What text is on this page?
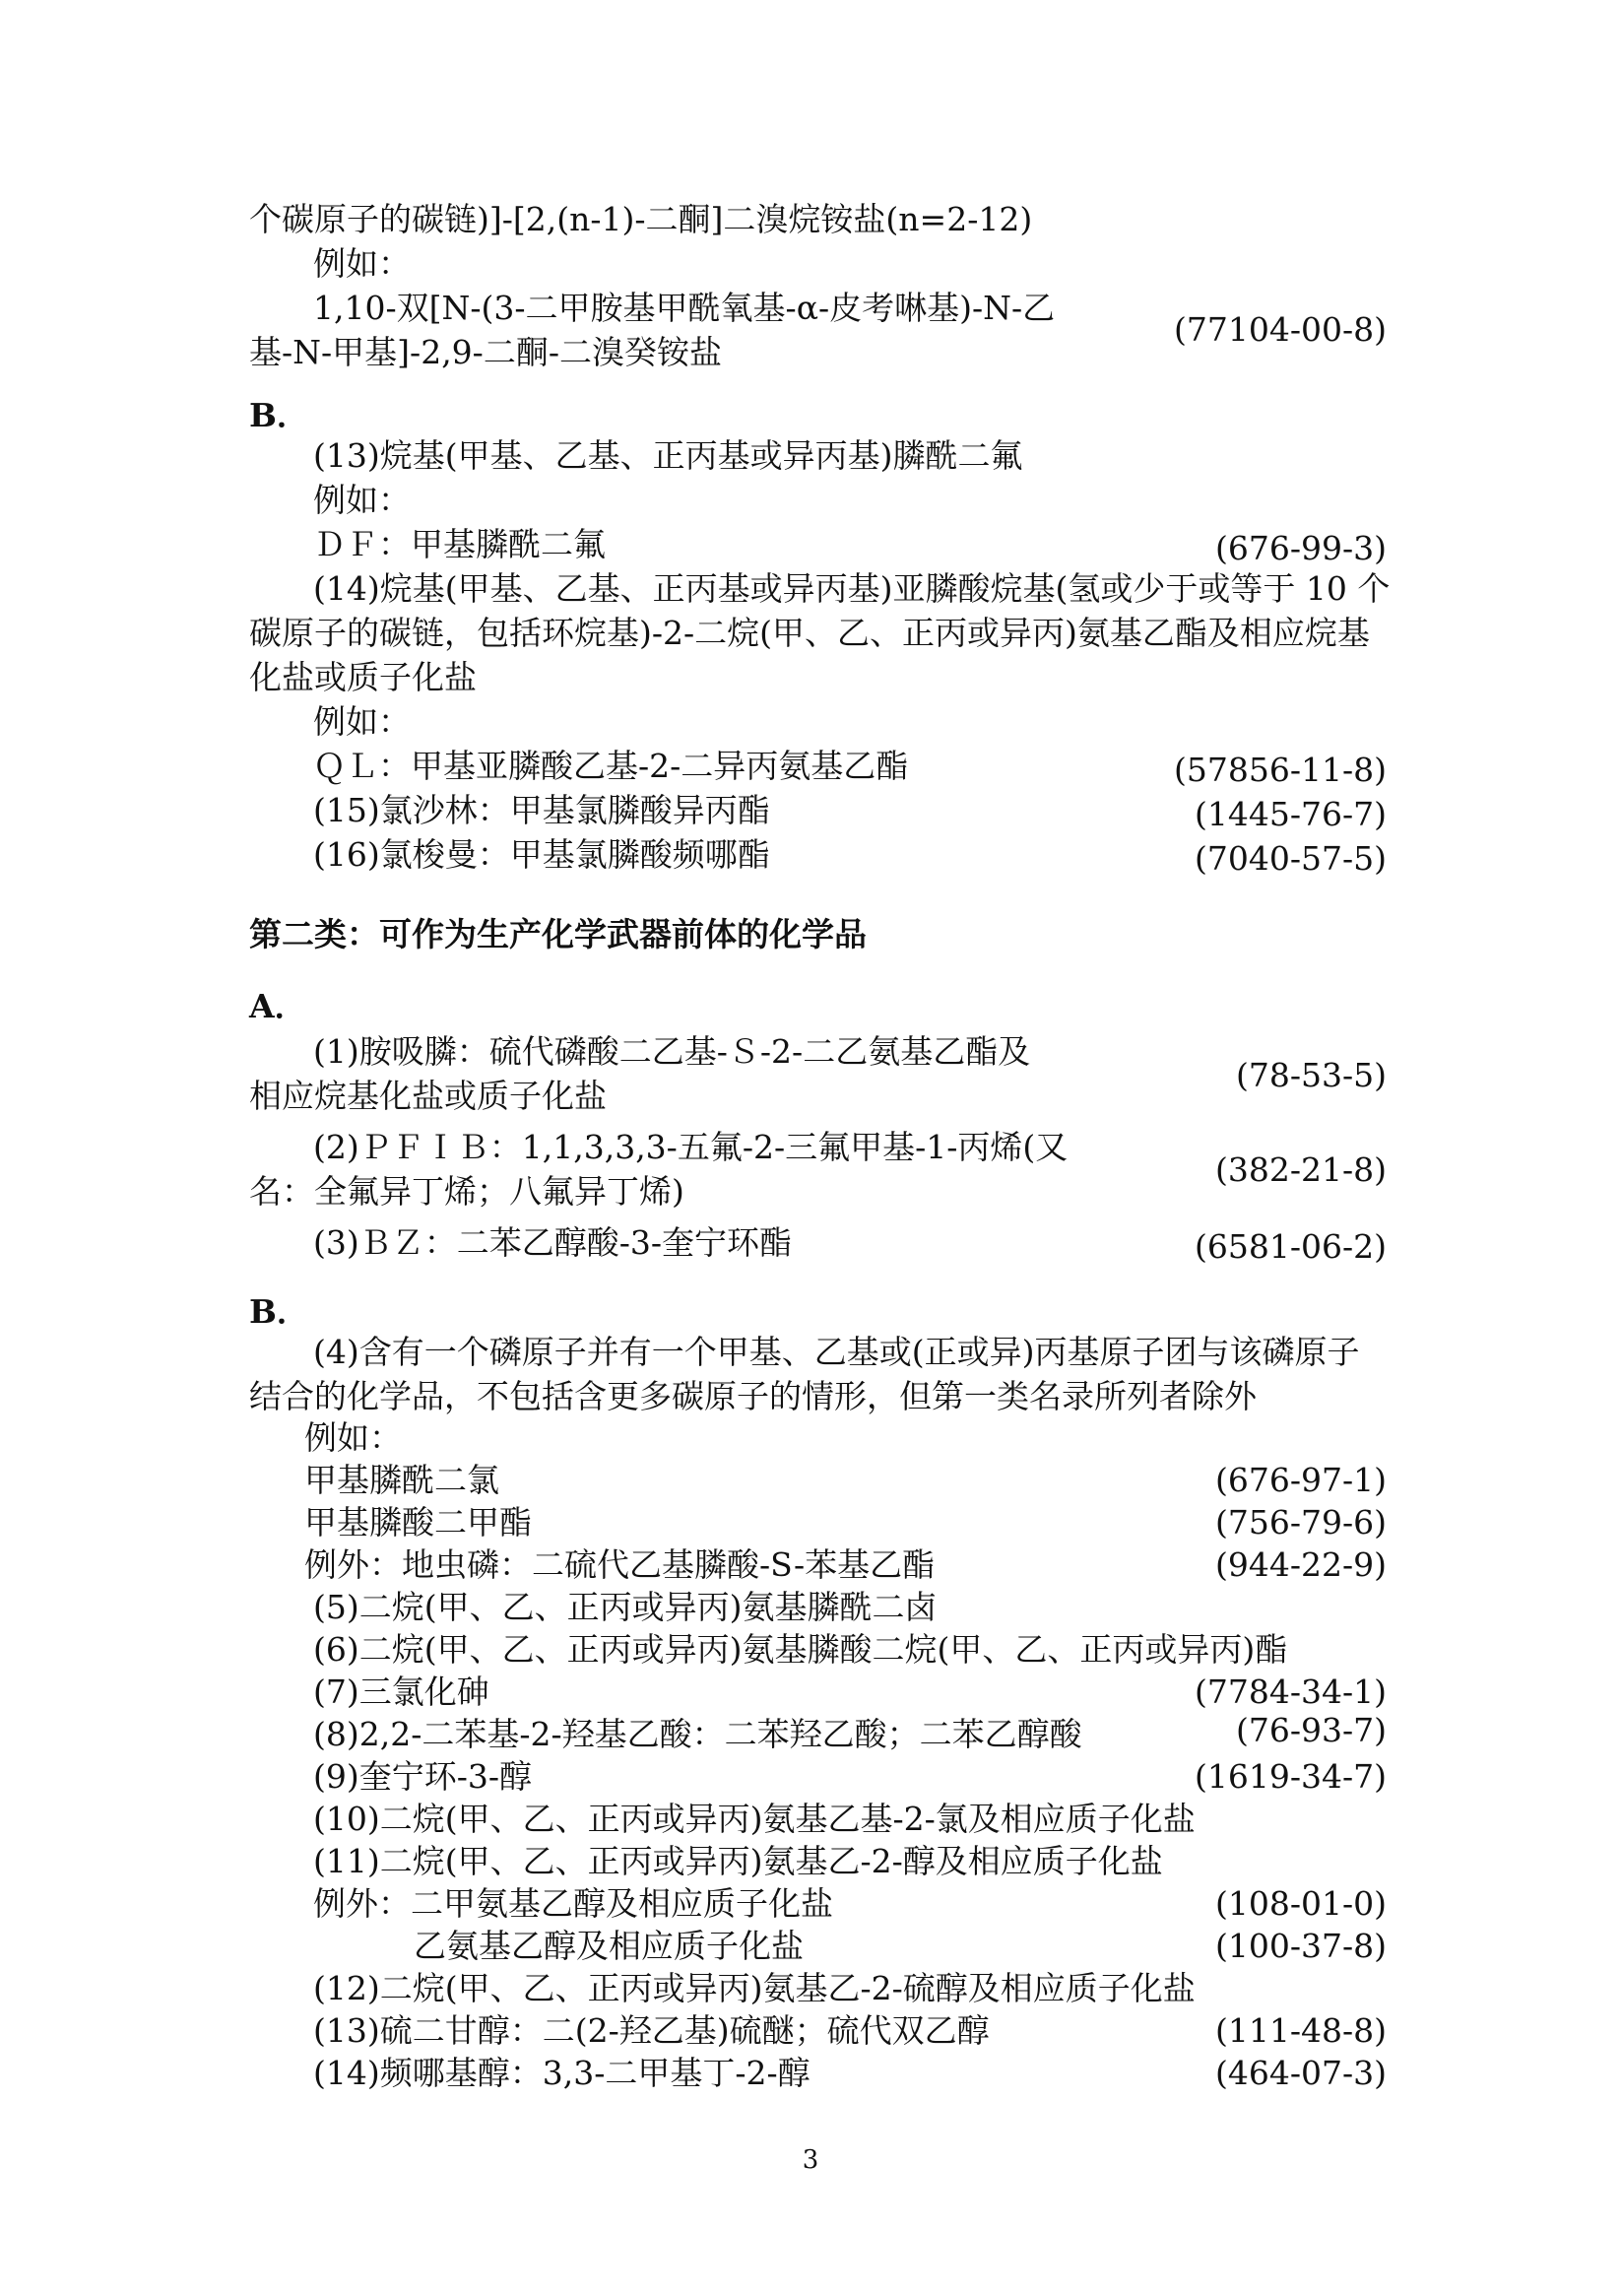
个碳原子的碳链)]-[2,(n-1)-二酮]二溴烷铵盐(n=2-12)
例如：
1,10-双[N-(3-二甲胺基甲酰氧基-α-皮考啉基)-N-乙
基-N-甲基]-2,9-二酮-二溴癸铵盐
B．
(13)烷基(甲基、乙基、正丙基或异丙基)膦酰二氟
例如：
ＤＦ：甲基膦酰二氟
(14)烷基(甲基、乙基、正丙基或异丙基)亚膦酸烷基(氢或少于或等于 10 个
碳原子的碳链，包括环烷基)-2-二烷(甲、乙、正丙或异丙)氨基乙酯及相应烷基
化盐或质子化盐
例如：
ＱＬ：甲基亚膦酸乙基-2-二异丙氨基乙酯
(15)氯沙林：甲基氯膦酸异丙酯
(16)氯梭曼：甲基氯膦酸频哪酯
第二类：可作为生产化学武器前体的化学品
A．
(1)胺吸膦：硫代磷酸二乙基-Ｓ-2-二乙氨基乙酯及
相应烷基化盐或质子化盐
(2)ＰＦＩＢ：1,1,3,3,3-五氟-2-三氟甲基-1-丙烯(又
名：全氟异丁烯；八氟异丁烯)
(3)ＢＺ：二苯乙醇酸-3-奎宁环酯
B．
(4)含有一个磷原子并有一个甲基、乙基或(正或异)丙基原子团与该磷原子
结合的化学品，不包括含更多碳原子的情形，但第一类名录所列者除外
例如：
甲基膦酰二氯
甲基膦酸二甲酯
例外：地虫磷：二硫代乙基膦酸-S-苯基乙酯
(5)二烷(甲、乙、正丙或异丙)氨基膦酰二卤
(6)二烷(甲、乙、正丙或异丙)氨基膦酸二烷(甲、乙、正丙或异丙)酯
(7)三氯化砷
(8)2,2-二苯基-2-羟基乙酸：二苯羟乙酸；二苯乙醇酸
(9)奎宁环-3-醇
(10)二烷(甲、乙、正丙或异丙)氨基乙基-2-氯及相应质子化盐
(11)二烷(甲、乙、正丙或异丙)氨基乙-2-醇及相应质子化盐
例外：二甲氨基乙醇及相应质子化盐
乙氨基乙醇及相应质子化盐
(12)二烷(甲、乙、正丙或异丙)氨基乙-2-硫醇及相应质子化盐
(13)硫二甘醇：二(2-羟乙基)硫醚；硫代双乙醇
(14)频哪基醇：3,3-二甲基丁-2-醇
(77104-00-8)
(676-99-3)
(57856-11-8)
(1445-76-7)
(7040-57-5)
(78-53-5)
(382-21-8)
(6581-06-2)
(676-97-1)
(756-79-6)
(944-22-9)
(7784-34-1)
(76-93-7)
(1619-34-7)
(108-01-0)
(100-37-8)
(111-48-8)
(464-07-3)
3
